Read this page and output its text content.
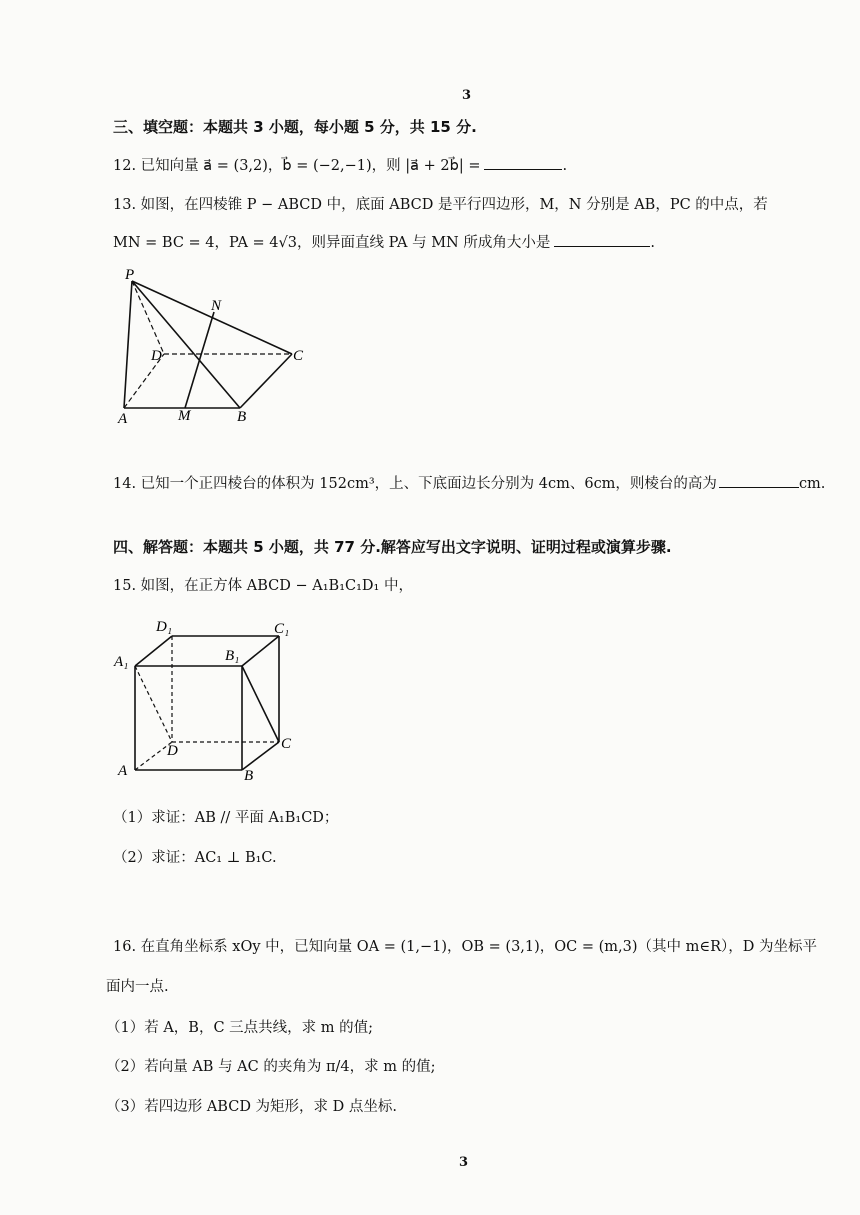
3
三、填空题：本题共 3 小题，每小题 5 分，共 15 分.
12. 已知向量 a⃗ = (3,2)，b⃗ = (−2,−1)，则 |a⃗ + 2b⃗| =	.
13. 如图，在四棱锥 P − ABCD 中，底面 ABCD 是平行四边形，M，N 分别是 AB，PC 的中点，若
MN = BC = 4，PA = 4√3，则异面直线 PA 与 MN 所成角大小是	.
P
N
D	C
A	M	B
14. 已知一个正四棱台的体积为 152cm³，上、下底面边长分别为 4cm、6cm，则棱台的高为	cm.
四、解答题：本题共 5 小题，共 77 分.解答应写出文字说明、证明过程或演算步骤.
15. 如图，在正方体 ABCD − A₁B₁C₁D₁ 中，
D₁	C₁
A₁	B₁
D	C
A	B
（1）求证：AB // 平面 A₁B₁CD；
（2）求证：AC₁ ⊥ B₁C.
16. 在直角坐标系 xOy 中，已知向量 OA = (1,−1)，OB = (3,1)，OC = (m,3)（其中 m∈R），D 为坐标平
面内一点.
（1）若 A，B，C 三点共线，求 m 的值;
（2）若向量 AB 与 AC 的夹角为 π/4，求 m 的值;
（3）若四边形 ABCD 为矩形，求 D 点坐标.
3
